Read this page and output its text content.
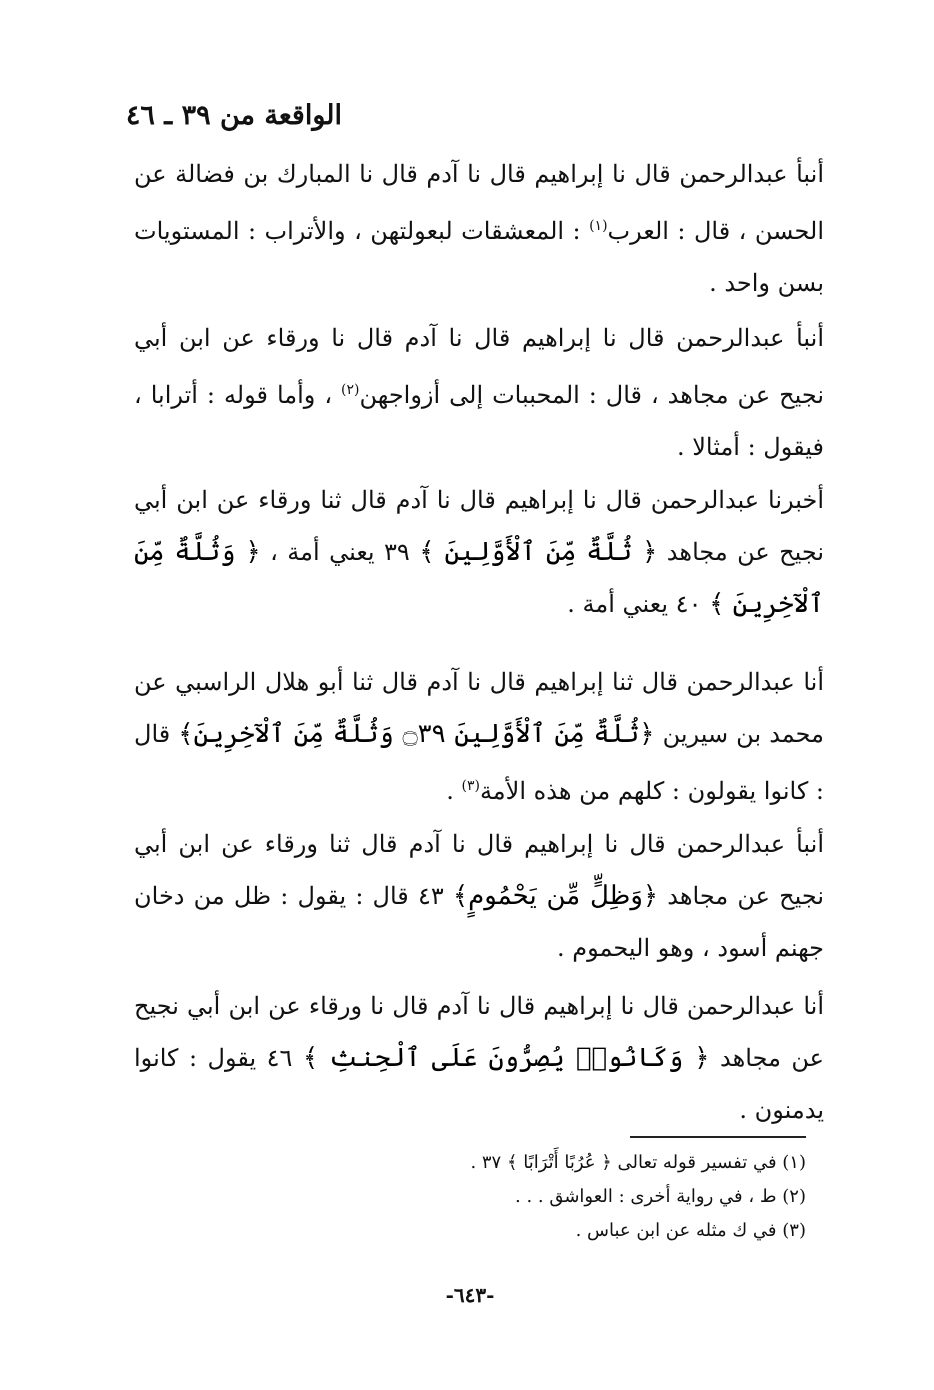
الواقعة من ٣٩ ـ ٤٦

أنبأ عبدالرحمن قال نا إبراهيم قال نا آدم قال نا المبارك بن فضالة عن الحسن ، قال : العرب$^{(١)}$ : المعشقات لبعولتهن ، والأتراب : المستويات بسن واحد .

أنبأ عبدالرحمن قال نا إبراهيم قال نا آدم قال نا ورقاء عن ابن أبي نجيح عن مجاهد ، قال : المحببات إلى أزواجهن$^{(٢)}$ ، وأما قوله : أترابا ، فيقول : أمثالا .

أخبرنا عبدالرحمن قال نا إبراهيم قال نا آدم قال ثنا ورقاء عن ابن أبي نجيح عن مجاهد ﴿ ثُلَّةٌ مِّنَ ٱلْأَوَّلِينَ ﴾ ٣٩ يعني أمة ، ﴿ وَثُلَّةٌ مِّنَ ٱلْآخِرِينَ ﴾ ٤٠ يعني أمة .

أنا عبدالرحمن قال ثنا إبراهيم قال نا آدم قال ثنا أبو هلال الراسبي عن محمد بن سيرين ﴿ثُلَّةٌ مِّنَ ٱلْأَوَّلِينَ ۝٣٩ وَثُلَّةٌ مِّنَ ٱلْآخِرِينَ﴾ قال : كانوا يقولون : كلهم من هذه الأمة$^{(٣)}$ .

أنبأ عبدالرحمن قال نا إبراهيم قال نا آدم قال ثنا ورقاء عن ابن أبي نجيح عن مجاهد ﴿وَظِلٍّ مِّن يَحْمُومٍ﴾ ٤٣ قال : يقول : ظل من دخان جهنم أسود ، وهو اليحموم .

أنا عبدالرحمن قال نا إبراهيم قال نا آدم قال نا ورقاء عن ابن أبي نجيح عن مجاهد ﴿ وَكَانُوا۟ يُصِرُّونَ عَلَى ٱلْحِنثِ ﴾ ٤٦ يقول : كانوا يدمنون .

(١) في تفسير قوله تعالى ﴿ عُرُبًا أَتْرَابًا ﴾ ٣٧ .
(٢) ط ، في رواية أخرى : العواشق . . .
(٣) في ك مثله عن ابن عباس .
-٦٤٣-
